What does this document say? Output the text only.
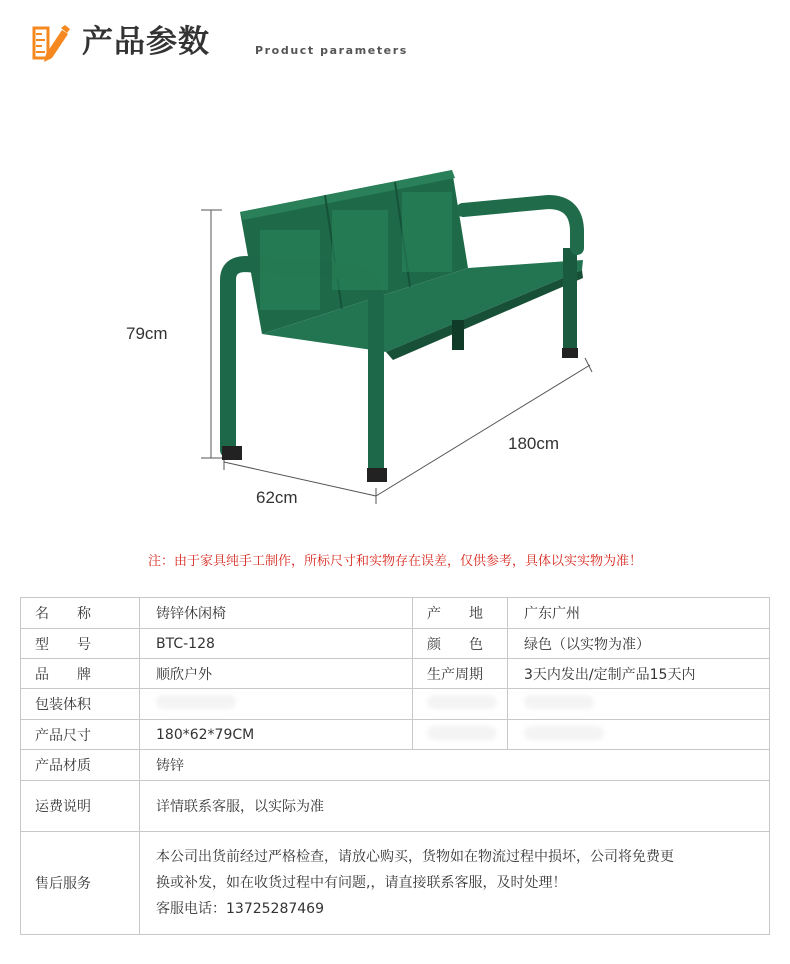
产品参数	Product parameters
79cm
180cm
62cm
注：由于家具纯手工制作，所标尺寸和实物存在误差，仅供参考，具体以实实物为准！
名　　称	铸锌休闲椅	产　　地	广东广州
型　　号	BTC-128	颜　　色	绿色（以实物为准）
品　　牌	顺欣户外	生产周期	3天内发出/定制产品15天内
包装体积			
产品尺寸	180*62*79CM		
产品材质	铸锌		
运费说明	详情联系客服，以实际为准		
售后服务	本公司出货前经过严格检查，请放心购买，货物如在物流过程中损坏，公司将免费更
换或补发，如在收货过程中有问题,，请直接联系客服，及时处理！
客服电话：13725287469		
